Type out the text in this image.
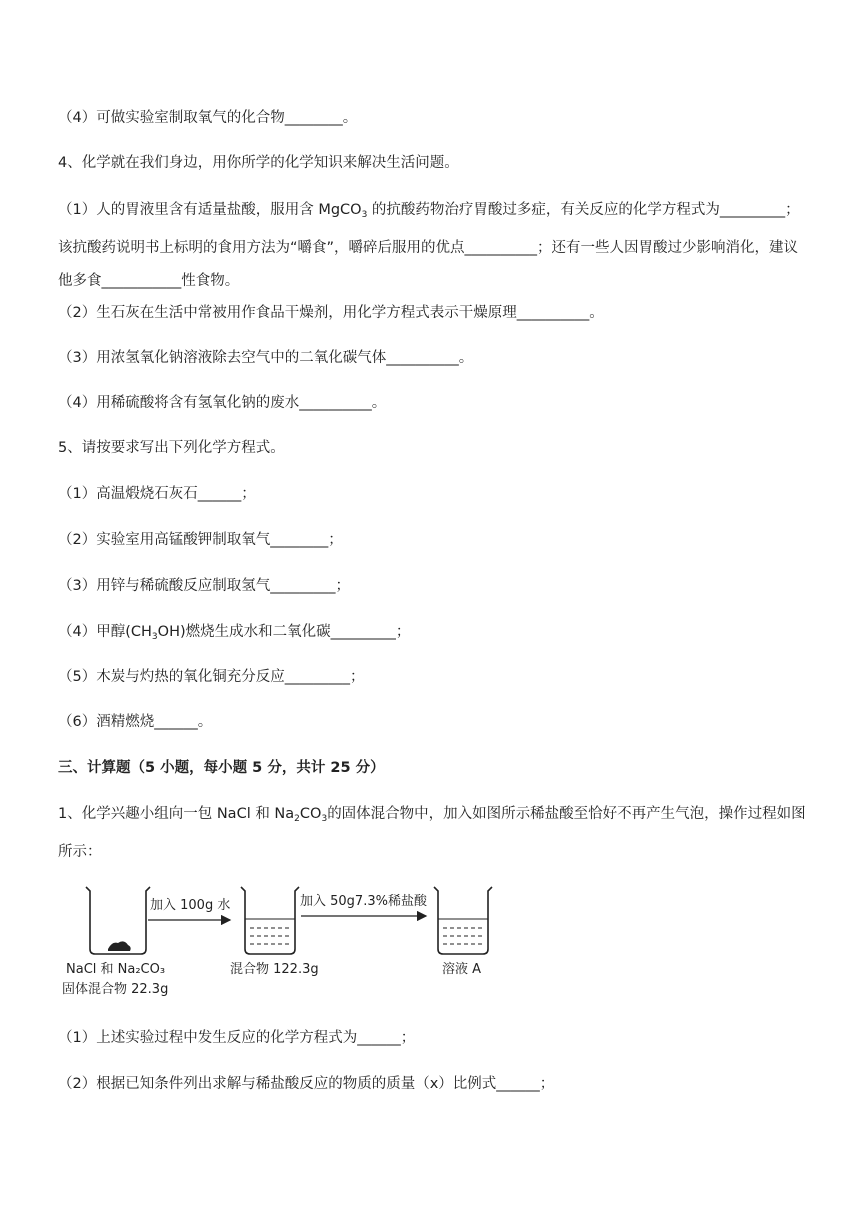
（4）可做实验室制取氧气的化合物________。
4、化学就在我们身边，用你所学的化学知识来解决生活问题。
（1）人的胃液里含有适量盐酸，服用含 MgCO$_3$ 的抗酸药物治疗胃酸过多症，有关反应的化学方程式为_________；该抗酸药说明书上标明的食用方法为“嚼食”，嚼碎后服用的优点__________；还有一些人因胃酸过少影响消化，建议他多食___________性食物。
（2）生石灰在生活中常被用作食品干燥剂，用化学方程式表示干燥原理__________。
（3）用浓氢氧化钠溶液除去空气中的二氧化碳气体__________。
（4）用稀硫酸将含有氢氧化钠的废水__________。
5、请按要求写出下列化学方程式。
（1）高温煅烧石灰石______；
（2）实验室用高锰酸钾制取氧气________；
（3）用锌与稀硫酸反应制取氢气_________；
（4）甲醇$(CH_3OH)$燃烧生成水和二氧化碳_________；
（5）木炭与灼热的氧化铜充分反应_________；
（6）酒精燃烧______。
三、计算题（5 小题，每小题 5 分，共计 25 分）
1、化学兴趣小组向一包 NaCl 和 $Na_2CO_3$的固体混合物中，加入如图所示稀盐酸至恰好不再产生气泡，操作过程如图所示：
加入 100g 水	加入 50g7.3%稀盐酸
NaCl 和 Na₂CO₃
固体混合物 22.3g
混合物 122.3g	溶液 A
（1）上述实验过程中发生反应的化学方程式为______；
（2）根据已知条件列出求解与稀盐酸反应的物质的质量（x）比例式______；
